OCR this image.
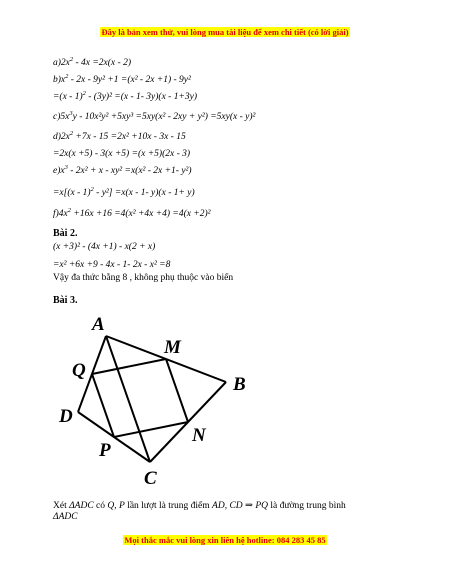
Đây là bản xem thử, vui lòng mua tài liệu để xem chi tiết (có lời giải)
$a)2x^2 - 4x =2x(x - 2)$
$b)x^2 - 2x - 9y^2 +1 =(x^2 - 2x +1) - 9y^2$
=(x - 1)$^2$ - (3y)² =(x - 1- 3y)(x - 1+3y)
$c)5x^3y - 10x^2y^2 +5xy^3 =5xy(x^2 - 2xy + y^2) =5xy(x - y)^2$
$d)2x^2 +7x - 15 =2x^2 +10x - 3x - 15$
=2x(x +5) - 3(x +5) =(x +5)(2x - 3)
$e)x^3 - 2x^2 + x - xy^2 =x(x^2 - 2x +1-$ y²)
=x[(x - 1)$^2$ - y²] =x(x - 1- y)(x - 1+ y)
$f)4x^2 +16x +16 =4(x^2 +4x +4) =4(x +2)^2$
Bài 2.
(x +3)² - (4x +1) - x(2 + x)
=x² +6x +9 - 4x - 1- 2x - x² =8
Vậy đa thức bằng 8 , không phụ thuộc vào biến
Bài 3.
A
M
Q
B
D
N
P
C
Xét ΔADC có Q, P lần lượt là trung điểm AD, CD ⇒ PQ là đường trung bình
ΔADC
Mọi thắc mắc vui lòng xin liên hệ hotline: 084 283 45 85
